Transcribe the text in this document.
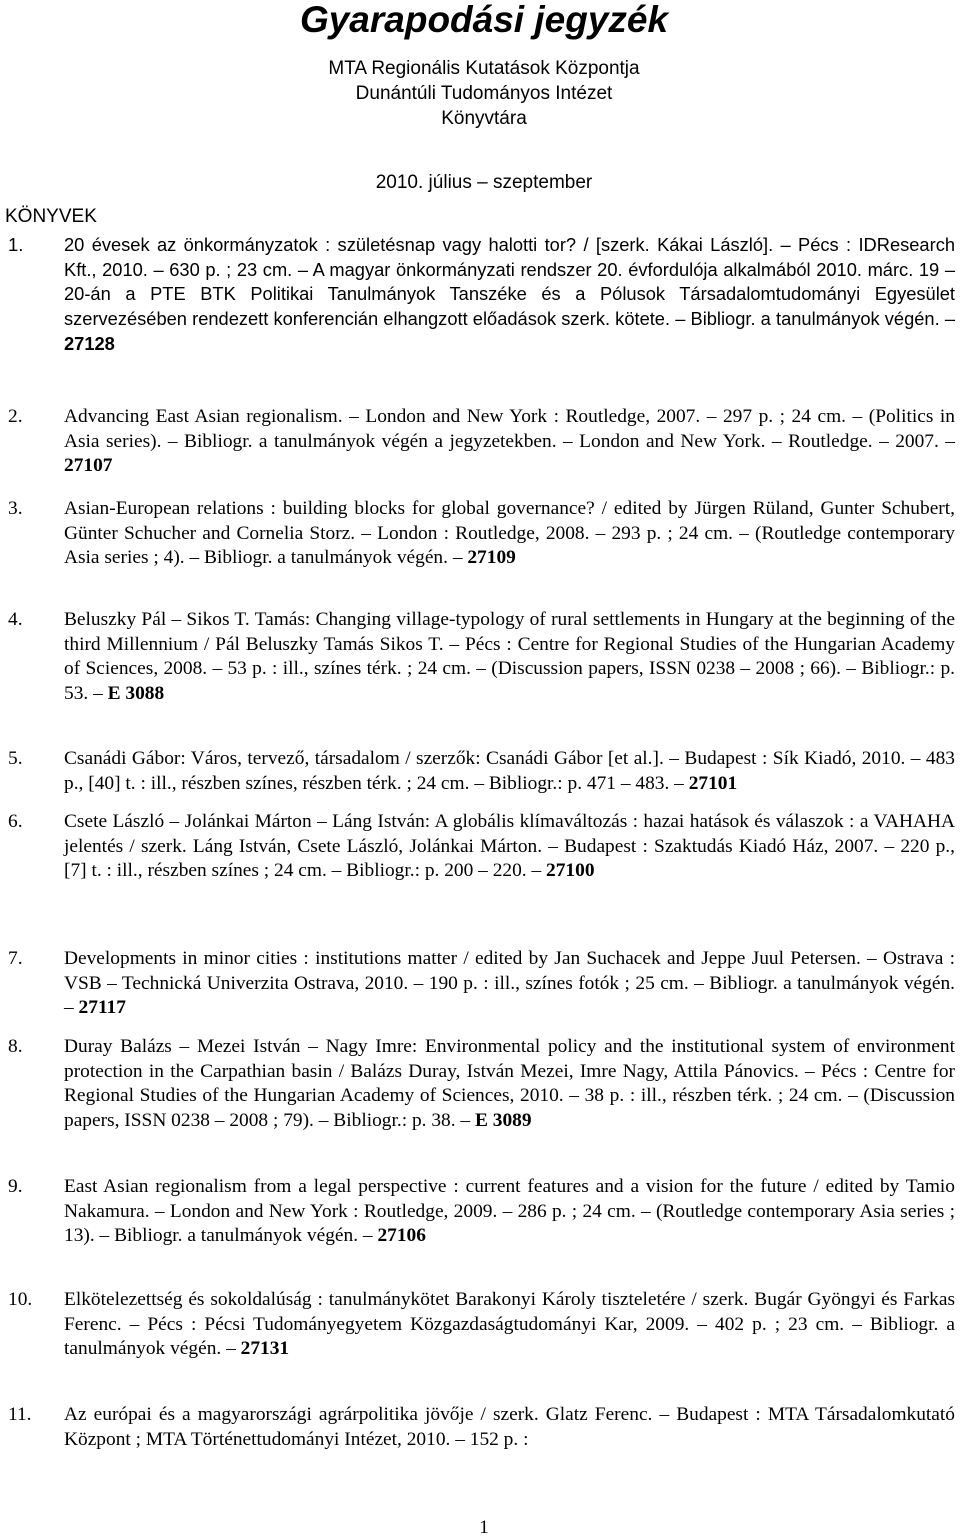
Gyarapodási jegyzék
MTA Regionális Kutatások Központja
Dunántúli Tudományos Intézet
Könyvtára
2010. július – szeptember
KÖNYVEK
1. 20 évesek az önkormányzatok : születésnap vagy halotti tor? / [szerk. Kákai László]. – Pécs : IDResearch Kft., 2010. – 630 p. ; 23 cm. – A magyar önkormányzati rendszer 20. évfordulója alkalmából 2010. márc. 19 – 20-án a PTE BTK Politikai Tanulmányok Tanszéke és a Pólusok Társadalomtudományi Egyesület szervezésében rendezett konferencián elhangzott előadások szerk. kötete. – Bibliogr. a tanulmányok végén. – 27128
2. Advancing East Asian regionalism. – London and New York : Routledge, 2007. – 297 p. ; 24 cm. – (Politics in Asia series). – Bibliogr. a tanulmányok végén a jegyzetekben. – London and New York. – Routledge. – 2007. – 27107
3. Asian-European relations : building blocks for global governance? / edited by Jürgen Rüland, Gunter Schubert, Günter Schucher and Cornelia Storz. – London : Routledge, 2008. – 293 p. ; 24 cm. – (Routledge contemporary Asia series ; 4). – Bibliogr. a tanulmányok végén. – 27109
4. Beluszky Pál – Sikos T. Tamás: Changing village-typology of rural settlements in Hungary at the beginning of the third Millennium / Pál Beluszky Tamás Sikos T. – Pécs : Centre for Regional Studies of the Hungarian Academy of Sciences, 2008. – 53 p. : ill., színes térk. ; 24 cm. – (Discussion papers, ISSN 0238 – 2008 ; 66). – Bibliogr.: p. 53. – E 3088
5. Csanádi Gábor: Város, tervező, társadalom / szerzők: Csanádi Gábor [et al.]. – Budapest : Sík Kiadó, 2010. – 483 p., [40] t. : ill., részben színes, részben térk. ; 24 cm. – Bibliogr.: p. 471 – 483. – 27101
6. Csete László – Jolánkai Márton – Láng István: A globális klímaváltozás : hazai hatások és válaszok : a VAHAHA jelentés / szerk. Láng István, Csete László, Jolánkai Márton. – Budapest : Szaktudás Kiadó Ház, 2007. – 220 p., [7] t. : ill., részben színes ; 24 cm. – Bibliogr.: p. 200 – 220. – 27100
7. Developments in minor cities : institutions matter / edited by Jan Suchacek and Jeppe Juul Petersen. – Ostrava : VSB – Technická Univerzita Ostrava, 2010. – 190 p. : ill., színes fotók ; 25 cm. – Bibliogr. a tanulmányok végén. – 27117
8. Duray Balázs – Mezei István – Nagy Imre: Environmental policy and the institutional system of environment protection in the Carpathian basin / Balázs Duray, István Mezei, Imre Nagy, Attila Pánovics. – Pécs : Centre for Regional Studies of the Hungarian Academy of Sciences, 2010. – 38 p. : ill., részben térk. ; 24 cm. – (Discussion papers, ISSN 0238 – 2008 ; 79). – Bibliogr.: p. 38. – E 3089
9. East Asian regionalism from a legal perspective : current features and a vision for the future / edited by Tamio Nakamura. – London and New York : Routledge, 2009. – 286 p. ; 24 cm. – (Routledge contemporary Asia series ; 13). – Bibliogr. a tanulmányok végén. – 27106
10. Elkötelezettség és sokoldalúság : tanulmánykötet Barakonyi Károly tiszteletére / szerk. Bugár Gyöngyi és Farkas Ferenc. – Pécs : Pécsi Tudományegyetem Közgazdaságtudományi Kar, 2009. – 402 p. ; 23 cm. – Bibliogr. a tanulmányok végén. – 27131
11. Az európai és a magyarországi agrárpolitika jövője / szerk. Glatz Ferenc. – Budapest : MTA Társadalomkutató Központ ; MTA Történettudományi Intézet, 2010. – 152 p. :
1
